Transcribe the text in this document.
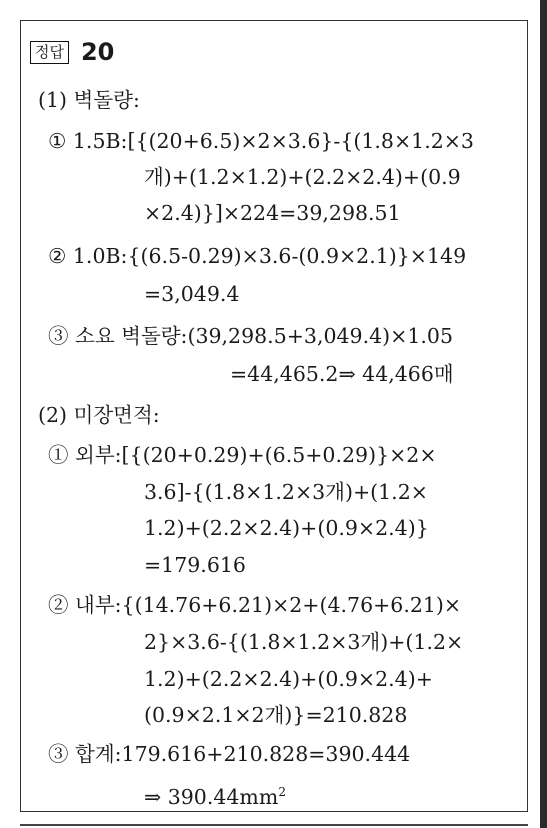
정답 20
(1) 벽돌량:
① 1.5B:[{(20+6.5)×2×3.6}-{(1.8×1.2×3
개)+(1.2×1.2)+(2.2×2.4)+(0.9
×2.4)}]×224=39,298.51
② 1.0B:{(6.5-0.29)×3.6-(0.9×2.1)}×149
=3,049.4
③ 소요 벽돌량:(39,298.5+3,049.4)×1.05
=44,465.2⇒ 44,466매
(2) 미장면적:
① 외부:[{(20+0.29)+(6.5+0.29)}×2×
3.6]-{(1.8×1.2×3개)+(1.2×
1.2)+(2.2×2.4)+(0.9×2.4)}
=179.616
② 내부:{(14.76+6.21)×2+(4.76+6.21)×
2}×3.6-{(1.8×1.2×3개)+(1.2×
1.2)+(2.2×2.4)+(0.9×2.4)+
(0.9×2.1×2개)}=210.828
③ 합계:179.616+210.828=390.444
⇒ $390.44mm^2$
